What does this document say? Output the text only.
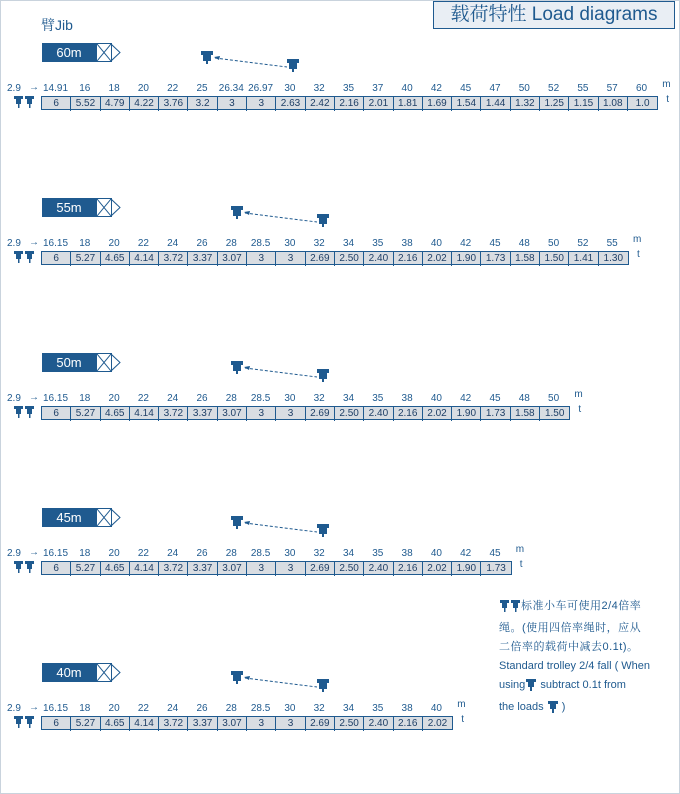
载荷特性 Load diagrams
臂Jib
60m
2.9 → 14.91	16	18	20	22	25	26.34 26.97	30	32	35	37	40	42	45	47	50	52	55	57	60	m
t
6	5.52 4.79 4.22 3.76	3.2	3	3	2.63 2.42 2.16 2.01 1.81 1.69 1.54 1.44 1.32 1.25 1.15 1.08	1.0
55m
2.9 → 16.15	18	20	22	24	26	28	28.5	30	32	34	35	38	40	42	45	48	50	52	55	m
t
6	5.27 4.65 4.14 3.72 3.37 3.07	3	3	2.69 2.50 2.40 2.16 2.02 1.90 1.73 1.58 1.50 1.41	1.30
50m
2.9 → 16.15	18	20	22	24	26	28	28.5	30	32	34	35	38	40	42	45	48	50	m
t
6	5.27 4.65 4.14 3.72 3.37 3.07	3	3	2.69 2.50 2.40 2.16 2.02 1.90 1.73 1.58	1.50
45m
2.9 → 16.15	18	20	22	24	26	28	28.5	30	32	34	35	38	40	42	45	m
t
6	5.27 4.65 4.14 3.72 3.37 3.07	3	3	2.69 2.50 2.40 2.16 2.02 1.90	1.73
40m
2.9 → 16.15	18	20	22	24	26	28	28.5	30	32	34	35	38	40	m
t
6	5.27 4.65 4.14 3.72 3.37 3.07	3	3	2.69 2.50 2.40 2.16	2.02
标准小车可使用2/4倍率
绳。(使用四倍率绳时，应从
二倍率的载荷中减去0.1t)。
Standard trolley 2/4 fall ( When
using subtract 0.1t from
the loads )
